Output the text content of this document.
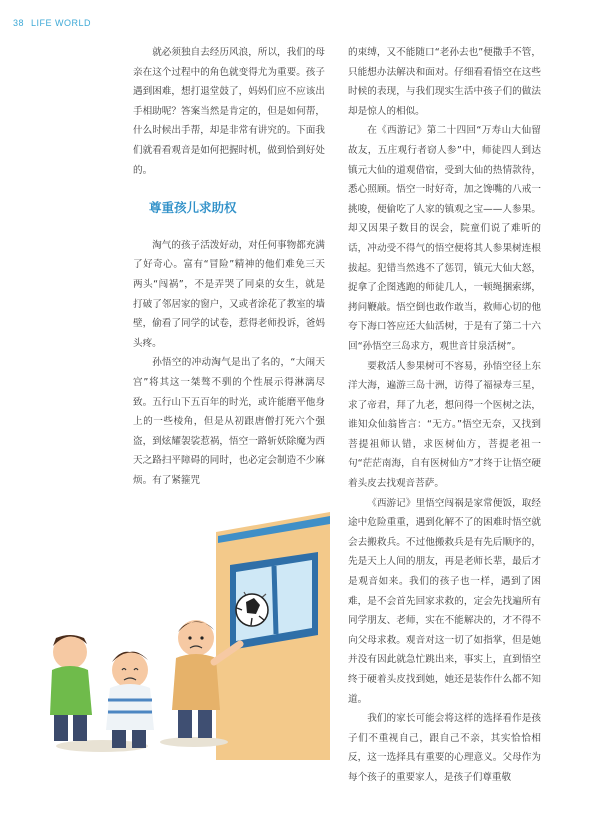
38 LIFE WORLD

就必须独自去经历风浪，所以，我们的母亲在这个过程中的角色就变得尤为重要。孩子遇到困难，想打退堂鼓了，妈妈们应不应该出手相助呢？答案当然是肯定的，但是如何帮，什么时候出手帮，却是非常有讲究的。下面我们就看看观音是如何把握时机，做到恰到好处的。

尊重孩儿求助权

淘气的孩子活泼好动，对任何事物都充满了好奇心。富有“冒险”精神的他们难免三天两头“闯祸”，不是弄哭了同桌的女生，就是打破了邻居家的窗户，又或者涂花了教室的墙壁，偷看了同学的试卷，惹得老师投诉，爸妈头疼。

孙悟空的冲动淘气是出了名的，“大闹天宫”将其这一桀骜不驯的个性展示得淋漓尽致。五行山下五百年的时光，或许能磨平他身上的一些棱角，但是从初跟唐僧打死六个强盗，到炫耀袈裟惹祸，悟空一路斩妖除魔为西天之路扫平障碍的同时，也必定会制造不少麻烦。有了紧箍咒

的束缚，又不能随口“老孙去也”便撒手不管，只能想办法解决和面对。仔细看看悟空在这些时候的表现，与我们现实生活中孩子们的做法却是惊人的相似。

在《西游记》第二十四回“万寿山大仙留故友，五庄观行者窃人参”中，师徒四人到达镇元大仙的道观借宿，受到大仙的热情款待，悉心照顾。悟空一时好奇，加之馋嘴的八戒一挑唆，便偷吃了人家的镇观之宝——人参果。却又因果子数目的误会，院童们说了难听的话，冲动受不得气的悟空便将其人参果树连根拔起。犯错当然逃不了惩罚，镇元大仙大怒，捉拿了企图逃跑的师徒几人，一顿绳捆索绑，拷问鞭敲。悟空倒也敢作敢当，救师心切的他夸下海口答应还大仙活树，于是有了第二十六回“孙悟空三岛求方，观世音甘泉活树”。

要救活人参果树可不容易，孙悟空径上东洋大海，遍游三岛十洲，访得了福禄寿三星，求了帝君，拜了九老，想问得一个医树之法，谁知众仙翁皆言：“无方。”悟空无奈，又找到菩提祖师认错，求医树仙方，菩提老祖一句“茫茫南海，自有医树仙方”才终于让悟空硬着头皮去找观音菩萨。

《西游记》里悟空闯祸是家常便饭，取经途中危险重重，遇到化解不了的困难时悟空就会去搬救兵。不过他搬救兵是有先后顺序的，先是天上人间的朋友，再是老师长辈，最后才是观音如来。我们的孩子也一样，遇到了困难，是不会首先回家求救的，定会先找遍所有同学朋友、老师，实在不能解决的，才不得不向父母求救。观音对这一切了如指掌，但是她并没有因此就急忙跳出来，事实上，直到悟空终于硬着头皮找到她，她还是装作什么都不知道。

我们的家长可能会将这样的选择看作是孩子们不重视自己，跟自己不亲，其实恰恰相反，这一选择具有重要的心理意义。父母作为每个孩子的重要家人，是孩子们尊重敬
